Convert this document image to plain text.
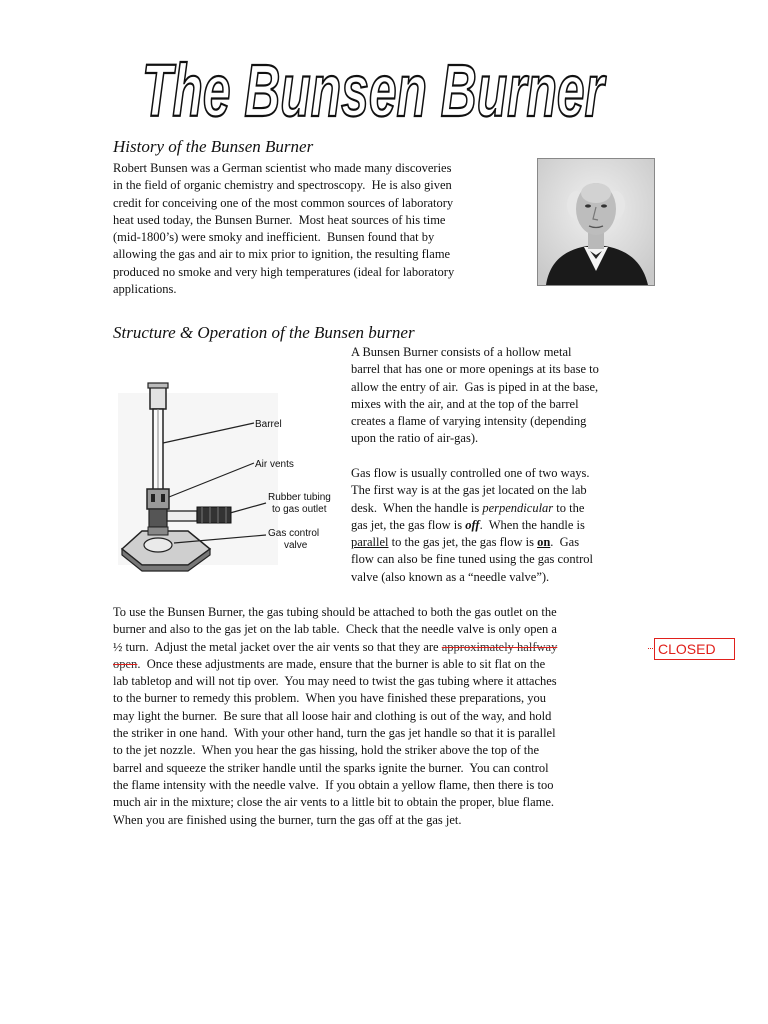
The Bunsen Burner
History of the Bunsen Burner
Robert Bunsen was a German scientist who made many discoveries
in the field of organic chemistry and spectroscopy.  He is also given
credit for conceiving one of the most common sources of laboratory
heat used today, the Bunsen Burner.  Most heat sources of his time
(mid-1800’s) were smoky and inefficient.  Bunsen found that by
allowing the gas and air to mix prior to ignition, the resulting flame
produced no smoke and very high temperatures (ideal for laboratory
applications.
Structure & Operation of the Bunsen burner
A Bunsen Burner consists of a hollow metal
barrel that has one or more openings at its base to
allow the entry of air.  Gas is piped in at the base,
mixes with the air, and at the top of the barrel
creates a flame of varying intensity (depending
upon the ratio of air-gas).
Gas flow is usually controlled one of two ways.
The first way is at the gas jet located on the lab
desk.  When the handle is perpendicular to the
gas jet, the gas flow is off.  When the handle is
parallel to the gas jet, the gas flow is on.  Gas
flow can also be fine tuned using the gas control
valve (also known as a “needle valve”).
Barrel
Air vents
Rubber tubing
to gas outlet
Gas control
valve
To use the Bunsen Burner, the gas tubing should be attached to both the gas outlet on the
burner and also to the gas jet on the lab table.  Check that the needle valve is only open a
½ turn.  Adjust the metal jacket over the air vents so that they are approximately halfway
open.  Once these adjustments are made, ensure that the burner is able to sit flat on the
lab tabletop and will not tip over.  You may need to twist the gas tubing where it attaches
to the burner to remedy this problem.  When you have finished these preparations, you
may light the burner.  Be sure that all loose hair and clothing is out of the way, and hold
the striker in one hand.  With your other hand, turn the gas jet handle so that it is parallel
to the jet nozzle.  When you hear the gas hissing, hold the striker above the top of the
barrel and squeeze the striker handle until the sparks ignite the burner.  You can control
the flame intensity with the needle valve.  If you obtain a yellow flame, then there is too
much air in the mixture; close the air vents to a little bit to obtain the proper, blue flame.
When you are finished using the burner, turn the gas off at the gas jet.
CLOSED
